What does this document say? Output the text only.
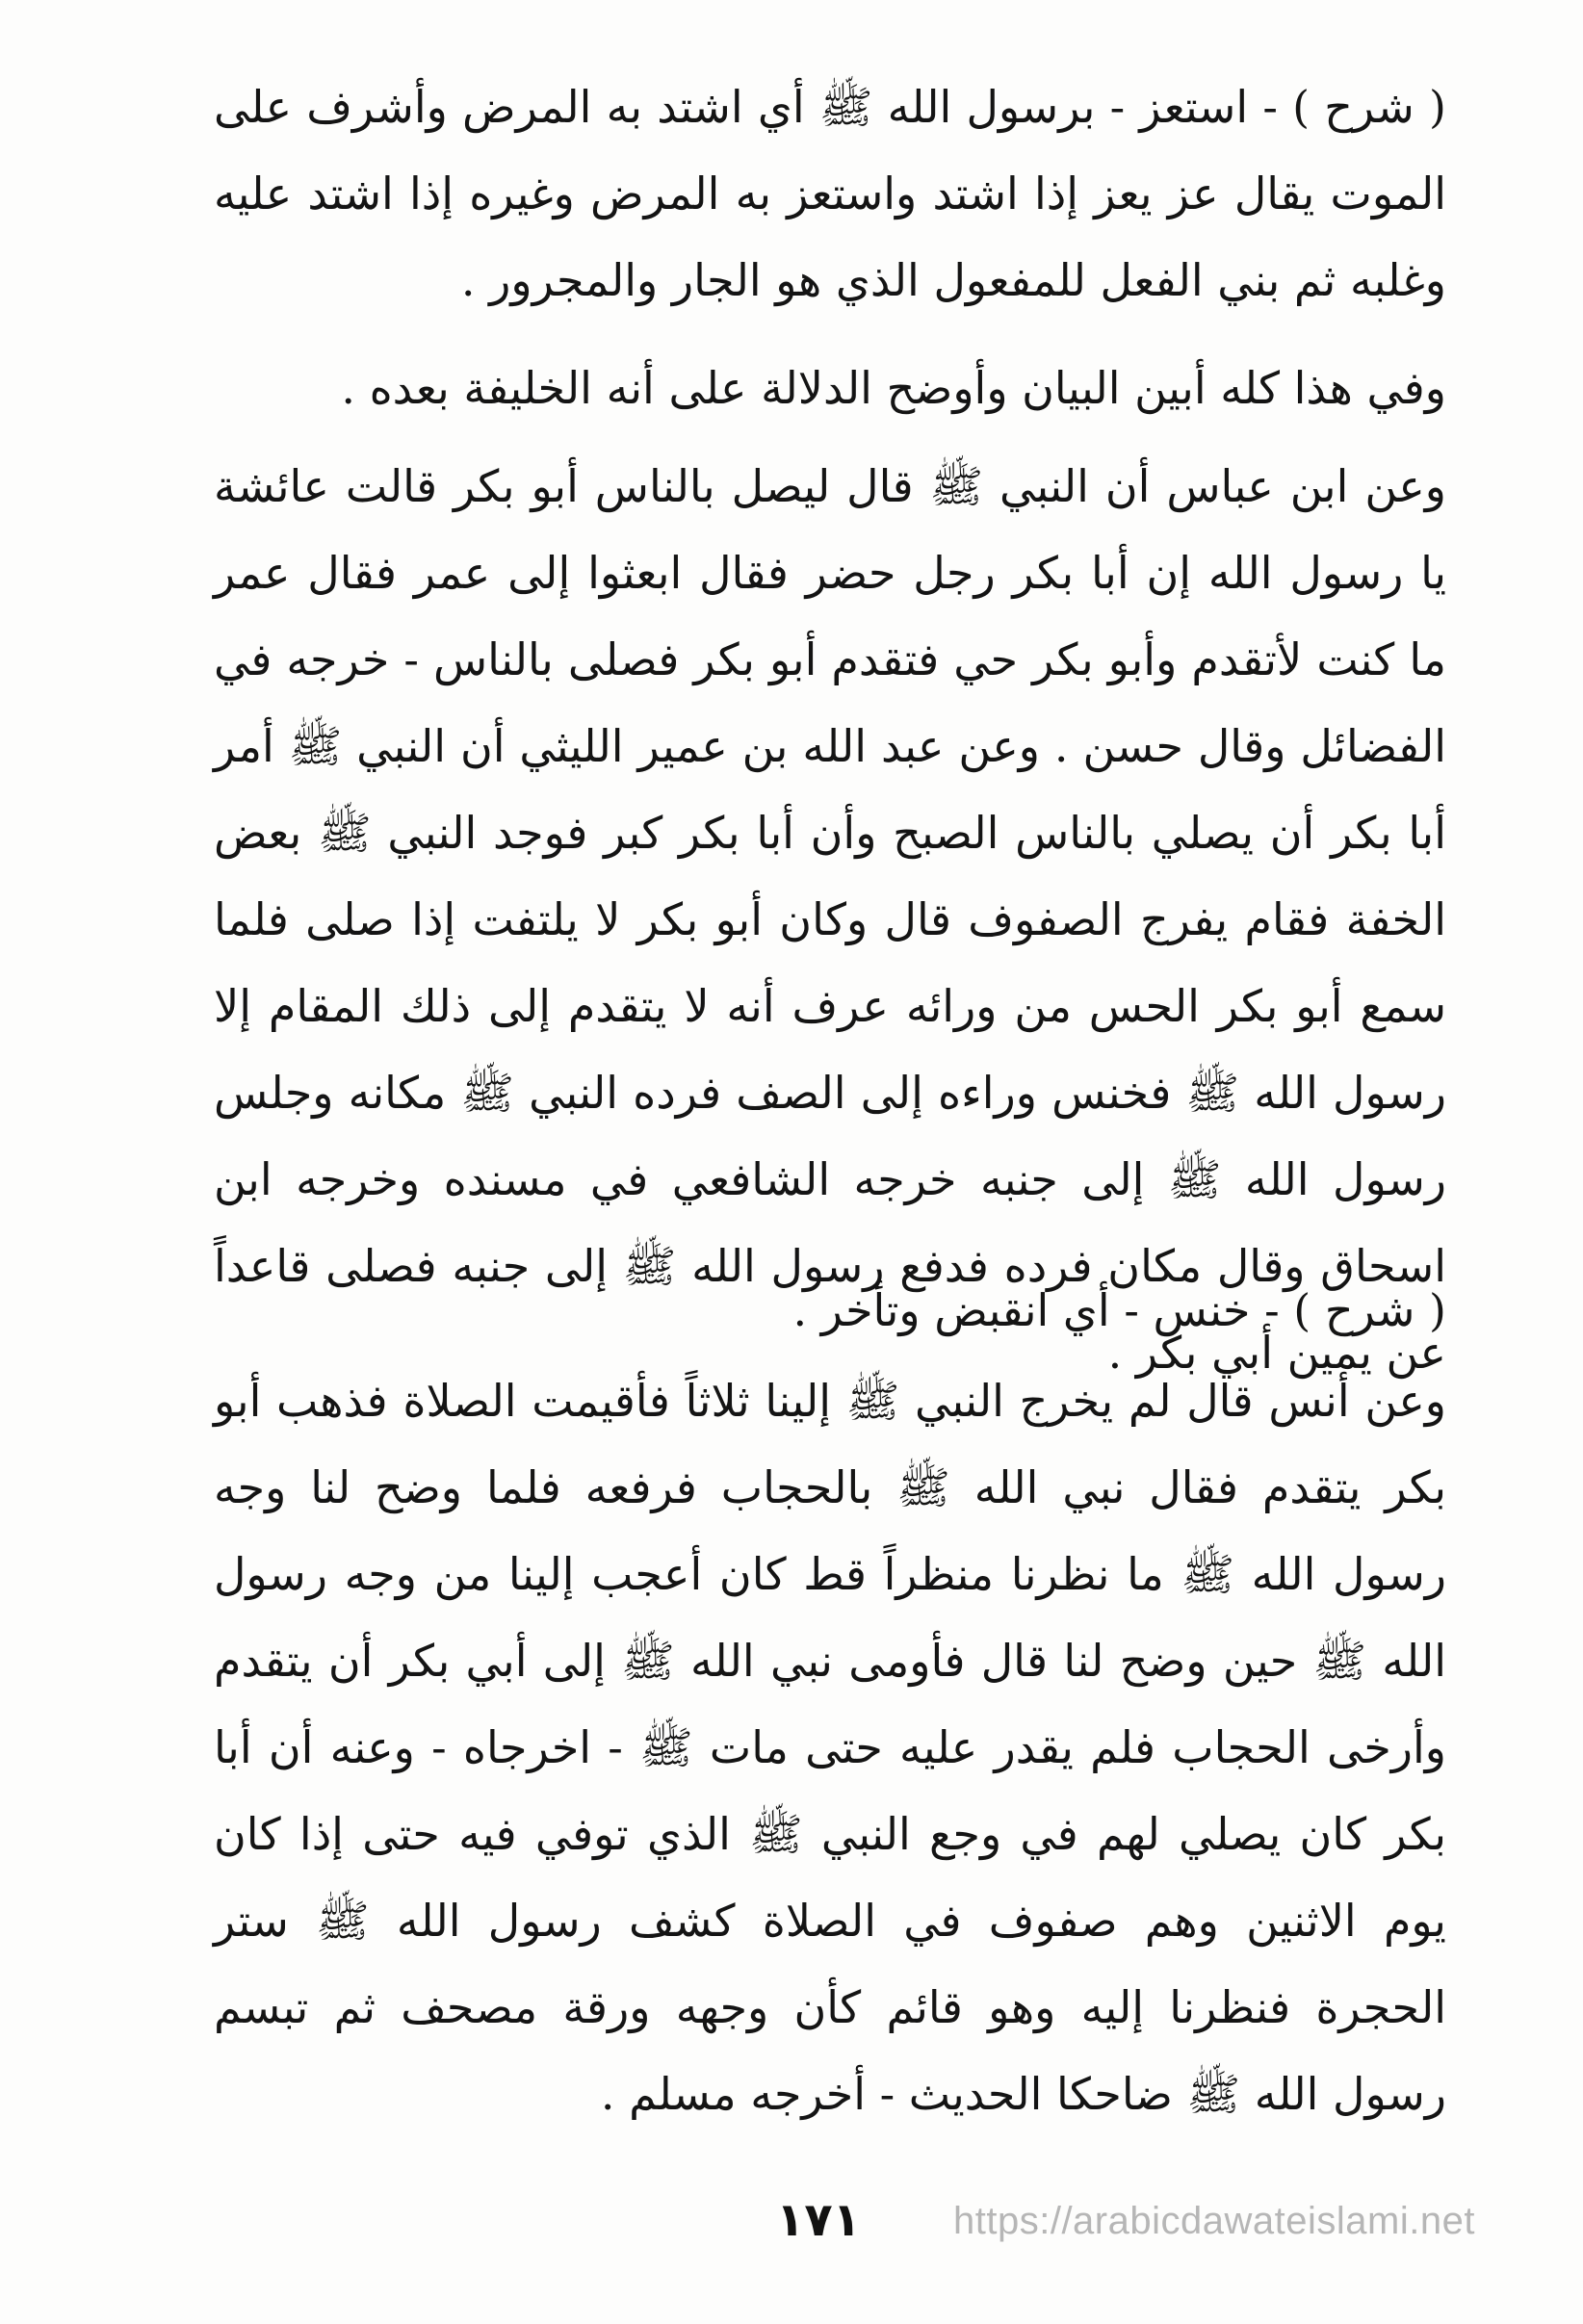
( شرح ) - استعز - برسول الله ﷺ أي اشتد به المرض وأشرف على الموت يقال عز يعز إذا اشتد واستعز به المرض وغيره إذا اشتد عليه وغلبه ثم بني الفعل للمفعول الذي هو الجار والمجرور .

وفي هذا كله أبين البيان وأوضح الدلالة على أنه الخليفة بعده .

وعن ابن عباس أن النبي ﷺ قال ليصل بالناس أبو بكر قالت عائشة يا رسول الله إن أبا بكر رجل حضر فقال ابعثوا إلى عمر فقال عمر ما كنت لأتقدم وأبو بكر حي فتقدم أبو بكر فصلى بالناس - خرجه في الفضائل وقال حسن . وعن عبد الله بن عمير الليثي أن النبي ﷺ أمر أبا بكر أن يصلي بالناس الصبح وأن أبا بكر كبر فوجد النبي ﷺ بعض الخفة فقام يفرج الصفوف قال وكان أبو بكر لا يلتفت إذا صلى فلما سمع أبو بكر الحس من ورائه عرف أنه لا يتقدم إلى ذلك المقام إلا رسول الله ﷺ فخنس وراءه إلى الصف فرده النبي ﷺ مكانه وجلس رسول الله ﷺ إلى جنبه خرجه الشافعي في مسنده وخرجه ابن اسحاق وقال مكان فرده فدفع رسول الله ﷺ إلى جنبه فصلى قاعداً عن يمين أبي بكر .

( شرح ) - خنس - أي انقبض وتأخر .

وعن أنس قال لم يخرج النبي ﷺ إلينا ثلاثاً فأقيمت الصلاة فذهب أبو بكر يتقدم فقال نبي الله ﷺ بالحجاب فرفعه فلما وضح لنا وجه رسول الله ﷺ ما نظرنا منظراً قط كان أعجب إلينا من وجه رسول الله ﷺ حين وضح لنا قال فأومى نبي الله ﷺ إلى أبي بكر أن يتقدم وأرخى الحجاب فلم يقدر عليه حتى مات ﷺ - اخرجاه - وعنه أن أبا بكر كان يصلي لهم في وجع النبي ﷺ الذي توفي فيه حتى إذا كان يوم الاثنين وهم صفوف في الصلاة كشف رسول الله ﷺ ستر الحجرة فنظرنا إليه وهو قائم كأن وجهه ورقة مصحف ثم تبسم رسول الله ﷺ ضاحكا الحديث - أخرجه مسلم .

١٧١	https://arabicdawateislami.net
